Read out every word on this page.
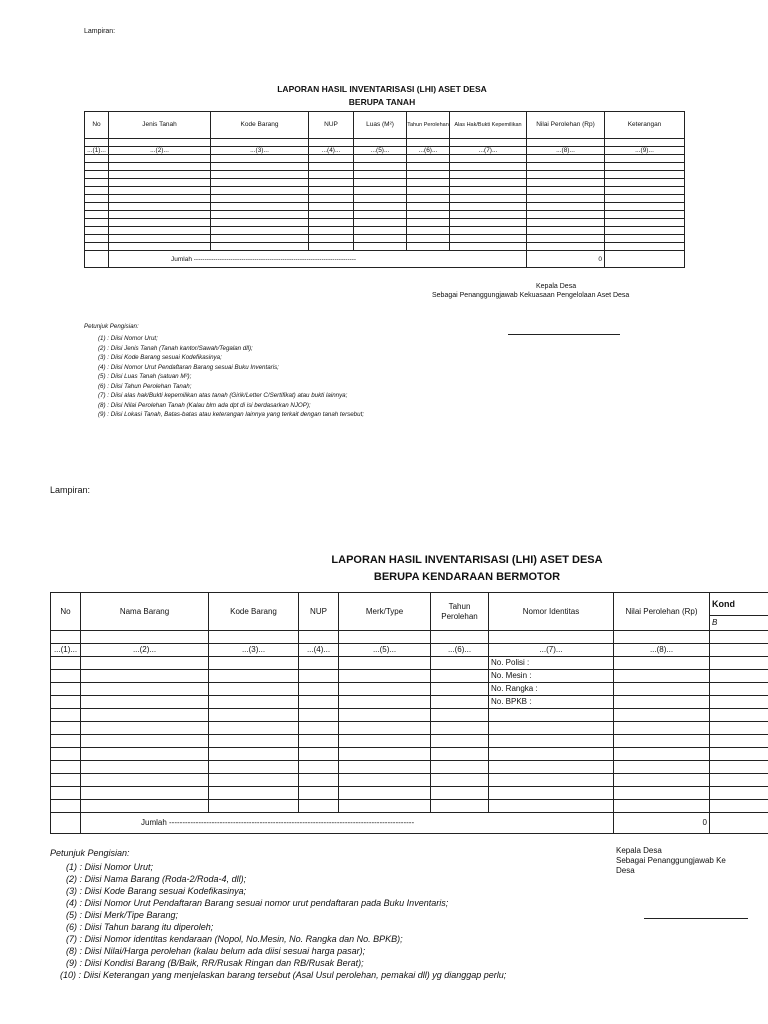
Lampiran:
LAPORAN HASIL INVENTARISASI (LHI) ASET DESA
BERUPA TANAH
No	Jenis Tanah	Kode Barang	NUP	Luas (M²)	Tahun Perolehan	Alas Hak/Bukti Kepemilikan	Nilai Perolehan (Rp)	Keterangan

...(1)...	...(2)...	...(3)...	...(4)...	...(5)...	...(6)...	...(7)...	...(8)...	...(9)...

	Jumlah ---------------------------------------------------------------------------						0	
Kepala Desa
Sebagai Penanggungjawab Kekuasaan Pengelolaan Aset Desa
Petunjuk Pengisian:
(1) : Diisi Nomor Urut;
(2) : Diisi Jenis Tanah (Tanah kantor/Sawah/Tegalan dll);
(3) : Diisi Kode Barang sesuai Kodefikasinya;
(4) : Diisi Nomor Urut Pendaftaran Barang sesuai Buku Inventaris;
(5) : Diisi Luas Tanah (satuan M²);
(6) : Diisi Tahun Perolehan Tanah;
(7) : Diisi alas hak/Bukti kepemilikan atas tanah (Girik/Letter C/Sertifikat) atau bukti lainnya;
(8) : Diisi Nilai Perolehan Tanah (Kalau blm ada dpt di isi berdasarkan NJOP);
(9) : Diisi Lokasi Tanah, Batas-batas atau keterangan lainnya yang terkait dengan tanah tersebut;
Lampiran:
LAPORAN HASIL INVENTARISASI (LHI) ASET DESA
BERUPA KENDARAAN BERMOTOR
No	Nama Barang	Kode Barang	NUP	Merk/Type	Tahun Perolehan	Nomor Identitas	Nilai Perolehan (Rp)	Kond
								B

...(1)...	...(2)...	...(3)...	...(4)...	...(5)...	...(6)...	...(7)...	...(8)...	
						No. Polisi :		
						No. Mesin :		
						No. Rangka :		
						No. BPKB :		

	Jumlah --------------------------------------------------------------------------------------------						0	
Kepala Desa
Sebagai Penanggungjawab Ke
Desa
Petunjuk Pengisian:
(1) : Diisi Nomor Urut;
(2) : Diisi Nama Barang (Roda-2/Roda-4, dll);
(3) : Diisi Kode Barang sesuai Kodefikasinya;
(4) : Diisi Nomor Urut Pendaftaran Barang sesuai nomor urut pendaftaran pada Buku Inventaris;
(5) : Diisi Merk/Tipe Barang;
(6) : Diisi Tahun barang itu diperoleh;
(7) : Diisi Nomor identitas kendaraan (Nopol, No.Mesin, No. Rangka dan No. BPKB);
(8) : Diisi Nilai/Harga perolehan (kalau belum ada diisi sesuai harga pasar);
(9) : Diisi Kondisi Barang (B/Baik, RR/Rusak Ringan dan RB/Rusak Berat);
(10) : Diisi Keterangan yang menjelaskan barang tersebut (Asal Usul perolehan, pemakai dll) yg dianggap perlu;
